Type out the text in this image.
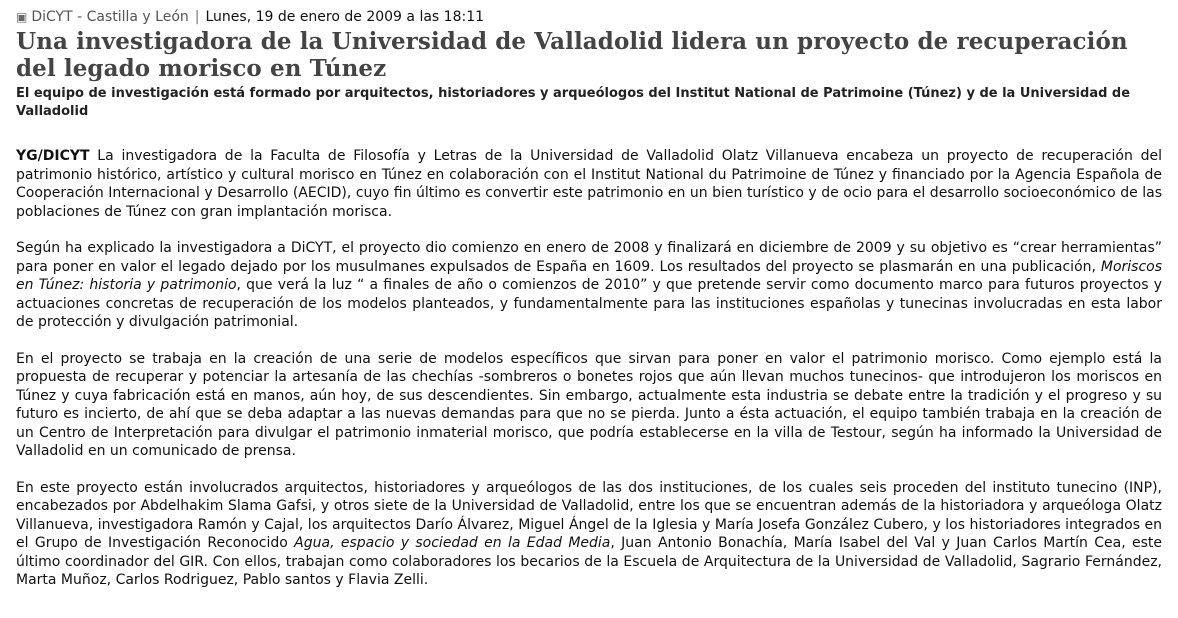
▣ DiCYT - Castilla y León | Lunes, 19 de enero de 2009 a las 18:11
Una investigadora de la Universidad de Valladolid lidera un proyecto de recuperación del legado morisco en Túnez
El equipo de investigación está formado por arquitectos, historiadores y arqueólogos del Institut National de Patrimoine (Túnez) y de la Universidad de Valladolid

YG/DICYT La investigadora de la Faculta de Filosofía y Letras de la Universidad de Valladolid Olatz Villanueva encabeza un proyecto de recuperación del patrimonio histórico, artístico y cultural morisco en Túnez en colaboración con el Institut National du Patrimoine de Túnez y financiado por la Agencia Española de Cooperación Internacional y Desarrollo (AECID), cuyo fin último es convertir este patrimonio en un bien turístico y de ocio para el desarrollo socioeconómico de las poblaciones de Túnez con gran implantación morisca.

Según ha explicado la investigadora a DiCYT, el proyecto dio comienzo en enero de 2008 y finalizará en diciembre de 2009 y su objetivo es “crear herramientas” para poner en valor el legado dejado por los musulmanes expulsados de España en 1609. Los resultados del proyecto se plasmarán en una publicación, Moriscos en Túnez: historia y patrimonio, que verá la luz “ a finales de año o comienzos de 2010” y que pretende servir como documento marco para futuros proyectos y actuaciones concretas de recuperación de los modelos planteados, y fundamentalmente para las instituciones españolas y tunecinas involucradas en esta labor de protección y divulgación patrimonial.

En el proyecto se trabaja en la creación de una serie de modelos específicos que sirvan para poner en valor el patrimonio morisco. Como ejemplo está la propuesta de recuperar y potenciar la artesanía de las chechías -sombreros o bonetes rojos que aún llevan muchos tunecinos- que introdujeron los moriscos en Túnez y cuya fabricación está en manos, aún hoy, de sus descendientes. Sin embargo, actualmente esta industria se debate entre la tradición y el progreso y su futuro es incierto, de ahí que se deba adaptar a las nuevas demandas para que no se pierda. Junto a ésta actuación, el equipo también trabaja en la creación de un Centro de Interpretación para divulgar el patrimonio inmaterial morisco, que podría establecerse en la villa de Testour, según ha informado la Universidad de Valladolid en un comunicado de prensa.

En este proyecto están involucrados arquitectos, historiadores y arqueólogos de las dos instituciones, de los cuales seis proceden del instituto tunecino (INP), encabezados por Abdelhakim Slama Gafsi, y otros siete de la Universidad de Valladolid, entre los que se encuentran además de la historiadora y arqueóloga Olatz Villanueva, investigadora Ramón y Cajal, los arquitectos Darío Álvarez, Miguel Ángel de la Iglesia y María Josefa González Cubero, y los historiadores integrados en el Grupo de Investigación Reconocido Agua, espacio y sociedad en la Edad Media, Juan Antonio Bonachía, María Isabel del Val y Juan Carlos Martín Cea, este último coordinador del GIR. Con ellos, trabajan como colaboradores los becarios de la Escuela de Arquitectura de la Universidad de Valladolid, Sagrario Fernández, Marta Muñoz, Carlos Rodriguez, Pablo santos y Flavia Zelli.
